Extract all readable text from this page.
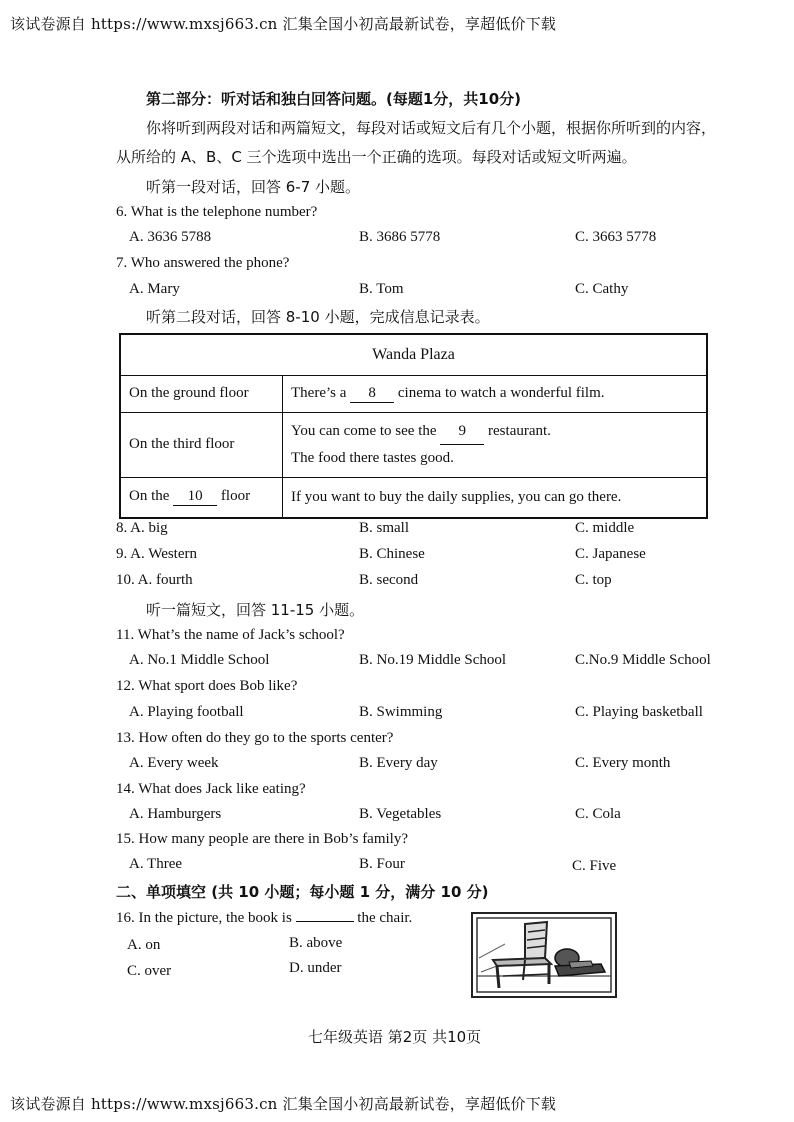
该试卷源自 https://www.mxsj663.cn 汇集全国小初高最新试卷，享超低价下载
第二部分：听对话和独白回答问题。(每题1分，共10分)
你将听到两段对话和两篇短文，每段对话或短文后有几个小题，根据你所听到的内容，
从所给的 A、B、C 三个选项中选出一个正确的选项。每段对话或短文听两遍。
听第一段对话，回答 6-7 小题。
6. What is the telephone number?
A. 3636 5788	B. 3686 5778	C. 3663 5778
7. Who answered the phone?
A. Mary	B. Tom	C. Cathy
听第二段对话，回答 8-10 小题，完成信息记录表。
Wanda Plaza	
On the ground floor	There’s a 8 cinema to watch a wonderful film.
On the third floor	You can come to see the 9 restaurant.
The food there tastes good.
On the 10 floor	If you want to buy the daily supplies, you can go there.
8. A. big	B. small	C. middle
9. A. Western	B. Chinese	C. Japanese
10. A. fourth	B. second	C. top
听一篇短文，回答 11-15 小题。
11. What’s the name of Jack’s school?
A. No.1 Middle School	B. No.19 Middle School	C.No.9 Middle School
12. What sport does Bob like?
A. Playing football	B. Swimming	C. Playing basketball
13. How often do they go to the sports center?
A. Every week	B. Every day	C. Every month
14. What does Jack like eating?
A. Hamburgers	B. Vegetables	C. Cola
15. How many people are there in Bob’s family?
A. Three	B. Four	C. Five
二、单项填空 (共 10 小题；每小题 1 分，满分 10 分)
16. In the picture, the book is	the chair.
A. on	B. above
C. over	D. under
七年级英语 第2页 共10页
该试卷源自 https://www.mxsj663.cn 汇集全国小初高最新试卷，享超低价下载
